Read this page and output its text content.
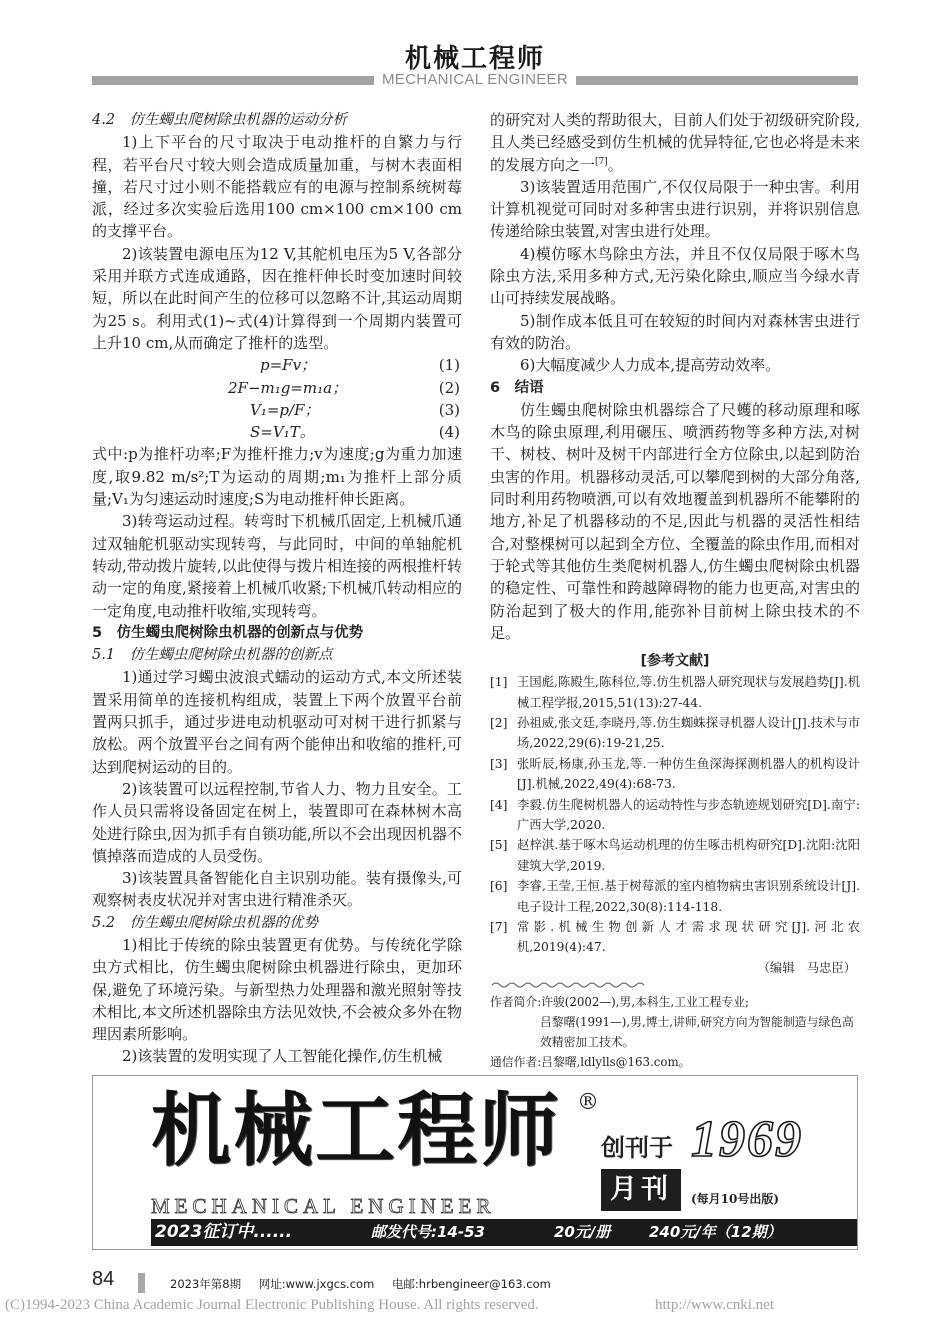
机械工程师
MECHANICAL ENGINEER

4.2　仿生蠋虫爬树除虫机器的运动分析

1)上下平台的尺寸取决于电动推杆的自繁力与行程，若平台尺寸较大则会造成质量加重，与树木表面相撞，若尺寸过小则不能搭载应有的电源与控制系统树莓派，经过多次实验后选用100 cm×100 cm×100 cm的支撑平台。

2)该装置电源电压为12 V,其舵机电压为5 V,各部分采用并联方式连成通路，因在推杆伸长时变加速时间较短，所以在此时间产生的位移可以忽略不计,其运动周期为25 s。利用式(1)~式(4)计算得到一个周期内装置可上升10 cm,从而确定了推杆的选型。

p=Fv；	(1)
2F−m₁g=m₁a；	(2)
V₁=p/F；	(3)
S=V₁T。	(4)

式中:p为推杆功率;F为推杆推力;v为速度;g为重力加速度,取9.82 m/s²;T为运动的周期;m₁为推杆上部分质量;V₁为匀速运动时速度;S为电动推杆伸长距离。

3)转弯运动过程。转弯时下机械爪固定,上机械爪通过双轴舵机驱动实现转弯，与此同时，中间的单轴舵机转动,带动拨片旋转,以此使得与拨片相连接的两根推杆转动一定的角度,紧接着上机械爪收紧;下机械爪转动相应的一定角度,电动推杆收缩,实现转弯。

5　仿生蠋虫爬树除虫机器的创新点与优势

5.1　仿生蠋虫爬树除虫机器的创新点

1)通过学习蠋虫波浪式蠕动的运动方式,本文所述装置采用简单的连接机构组成，装置上下两个放置平台前置两只抓手，通过步进电动机驱动可对树干进行抓紧与放松。两个放置平台之间有两个能伸出和收缩的推杆,可达到爬树运动的目的。

2)该装置可以远程控制,节省人力、物力且安全。工作人员只需将设备固定在树上，装置即可在森林树木高处进行除虫,因为抓手有自锁功能,所以不会出现因机器不慎掉落而造成的人员受伤。

3)该装置具备智能化自主识别功能。装有摄像头,可观察树表皮状况并对害虫进行精准杀灭。

5.2　仿生蠋虫爬树除虫机器的优势

1)相比于传统的除虫装置更有优势。与传统化学除虫方式相比，仿生蠋虫爬树除虫机器进行除虫，更加环保,避免了环境污染。与新型热力处理器和激光照射等技术相比,本文所述机器除虫方法见效快,不会被众多外在物理因素所影响。

2)该装置的发明实现了人工智能化操作,仿生机械

的研究对人类的帮助很大，目前人们处于初级研究阶段,且人类已经感受到仿生机械的优异特征,它也必将是未来的发展方向之一[7]。

3)该装置适用范围广,不仅仅局限于一种虫害。利用计算机视觉可同时对多种害虫进行识别，并将识别信息传递给除虫装置,对害虫进行处理。

4)模仿啄木鸟除虫方法，并且不仅仅局限于啄木鸟除虫方法,采用多种方式,无污染化除虫,顺应当今绿水青山可持续发展战略。

5)制作成本低且可在较短的时间内对森林害虫进行有效的防治。

6)大幅度减少人力成本,提高劳动效率。

6　结语

仿生蠋虫爬树除虫机器综合了尺蠖的移动原理和啄木鸟的除虫原理,利用碾压、喷洒药物等多种方法,对树干、树枝、树叶及树干内部进行全方位除虫,以起到防治虫害的作用。机器移动灵活,可以攀爬到树的大部分角落,同时利用药物喷洒,可以有效地覆盖到机器所不能攀附的地方,补足了机器移动的不足,因此与机器的灵活性相结合,对整棵树可以起到全方位、全覆盖的除虫作用,而相对于轮式等其他仿生类爬树机器人,仿生蠋虫爬树除虫机器的稳定性、可靠性和跨越障碍物的能力也更高,对害虫的防治起到了极大的作用,能弥补目前树上除虫技术的不足。

[参考文献]

[1] 王国彪,陈殿生,陈科位,等.仿生机器人研究现状与发展趋势[J].机械工程学报,2015,51(13):27-44.
[2] 孙祖威,张文廷,李晓丹,等.仿生蜘蛛探寻机器人设计[J].技术与市场,2022,29(6):19-21,25.
[3] 张昕辰,杨康,孙玉龙,等.一种仿生鱼深海探测机器人的机构设计[J].机械,2022,49(4):68-73.
[4] 李毅.仿生爬树机器人的运动特性与步态轨迹规划研究[D].南宁:广西大学,2020.
[5] 赵梓淇.基于啄木鸟运动机理的仿生啄击机构研究[D].沈阳:沈阳建筑大学,2019.
[6] 李睿,王莹,王恒.基于树莓派的室内植物病虫害识别系统设计[J].电子设计工程,2022,30(8):114-118.
[7] 常影.机械生物创新人才需求现状研究[J].河北农机,2019(4):47.
（编辑　马忠臣）
作者简介:许骏(2002—),男,本科生,工业工程专业;
吕黎曙(1991—),男,博士,讲师,研究方向为智能制造与绿色高效精密加工技术。
通信作者:吕黎曙,ldlylls@163.com。
机械工程师 ®
创刊于 1969
MECHANICAL ENGINEER
月刊	(每月10号出版)
2023征订中......	邮发代号:14-53	20元/册	240元/年（12期）
84	2023年第8期 网址:www.jxgcs.com 电邮:hrbengineer@163.com
(C)1994-2023 China Academic Journal Electronic Publishing House. All rights reserved.	http://www.cnki.net
